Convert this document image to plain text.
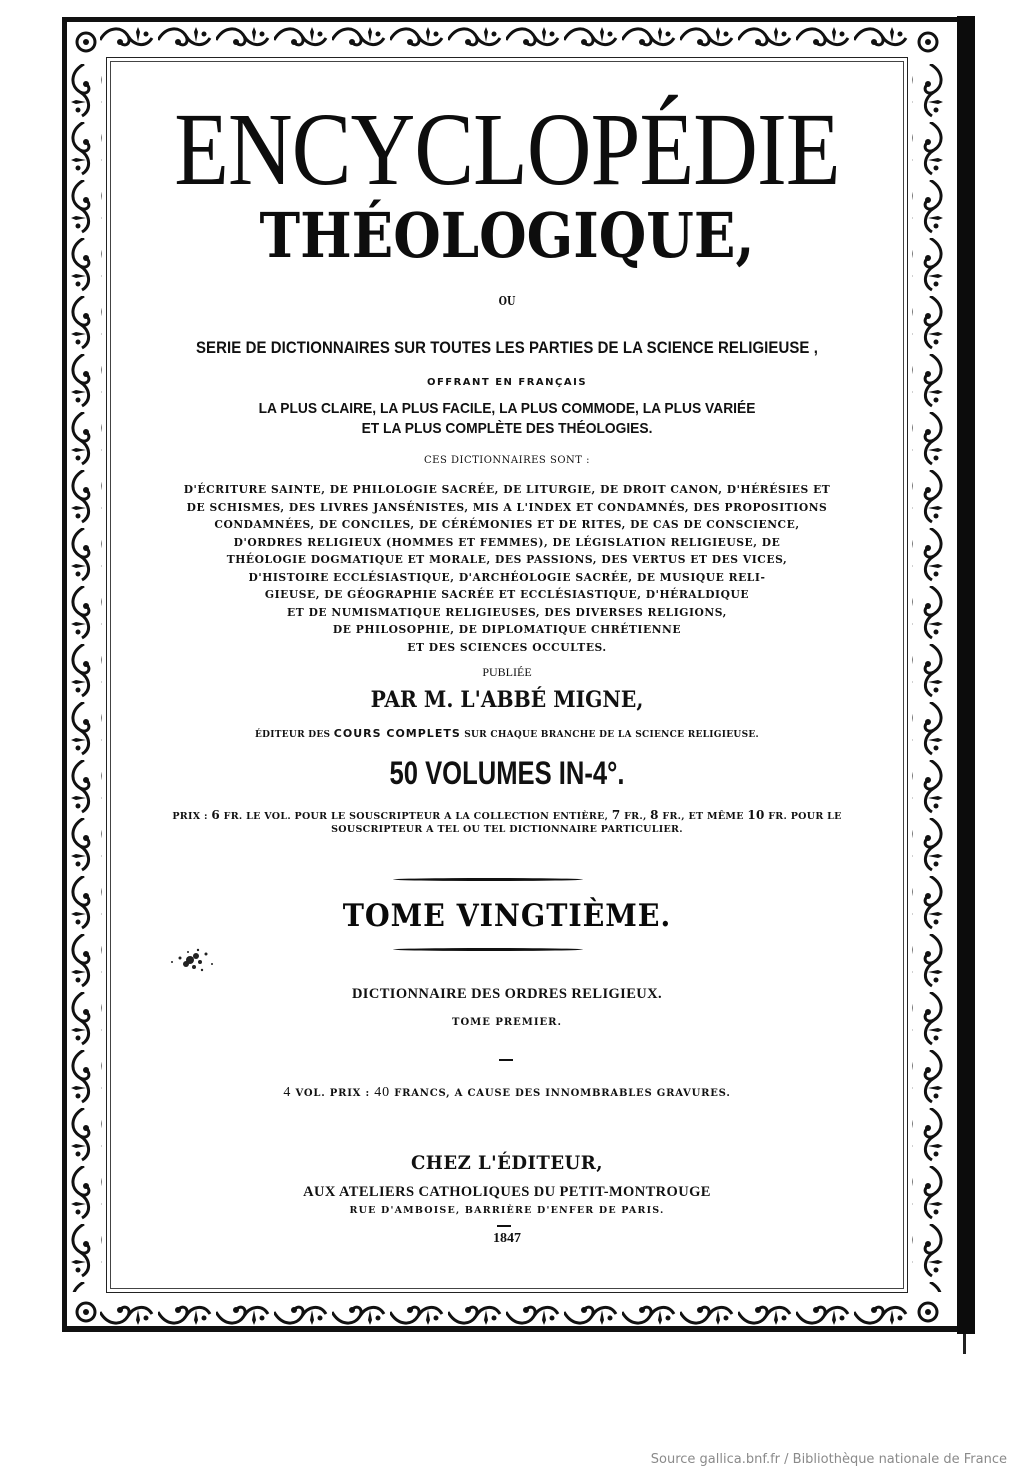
ENCYCLOPÉDIE
THÉOLOGIQUE,
OU
SERIE DE DICTIONNAIRES SUR TOUTES LES PARTIES DE LA SCIENCE RELIGIEUSE ,
OFFRANT EN FRANÇAIS
LA PLUS CLAIRE, LA PLUS FACILE, LA PLUS COMMODE, LA PLUS VARIÉE
ET LA PLUS COMPLÈTE DES THÉOLOGIES.
CES DICTIONNAIRES SONT :
D'ÉCRITURE SAINTE, DE PHILOLOGIE SACRÉE, DE LITURGIE, DE DROIT CANON, D'HÉRÉSIES ET
DE SCHISMES, DES LIVRES JANSÉNISTES, MIS A L'INDEX ET CONDAMNÉS, DES PROPOSITIONS
CONDAMNÉES, DE CONCILES, DE CÉRÉMONIES ET DE RITES, DE CAS DE CONSCIENCE,
D'ORDRES RELIGIEUX (HOMMES ET FEMMES), DE LÉGISLATION RELIGIEUSE, DE
THÉOLOGIE DOGMATIQUE ET MORALE, DES PASSIONS, DES VERTUS ET DES VICES,
D'HISTOIRE ECCLÉSIASTIQUE, D'ARCHÉOLOGIE SACRÉE, DE MUSIQUE RELI-
GIEUSE, DE GÉOGRAPHIE SACRÉE ET ECCLÉSIASTIQUE, D'HÉRALDIQUE
ET DE NUMISMATIQUE RELIGIEUSES, DES DIVERSES RELIGIONS,
DE PHILOSOPHIE, DE DIPLOMATIQUE CHRÉTIENNE
ET DES SCIENCES OCCULTES.
PUBLIÉE
PAR M. L'ABBÉ MIGNE,
ÉDITEUR DES COURS COMPLETS SUR CHAQUE BRANCHE DE LA SCIENCE RELIGIEUSE.
50 VOLUMES IN-4°.
PRIX : 6 FR. LE VOL. POUR LE SOUSCRIPTEUR A LA COLLECTION ENTIÈRE, 7 FR., 8 FR., ET MÊME 10 FR. POUR LE
SOUSCRIPTEUR A TEL OU TEL DICTIONNAIRE PARTICULIER.
TOME VINGTIÈME.
DICTIONNAIRE DES ORDRES RELIGIEUX.
TOME PREMIER.
4 VOL. PRIX : 40 FRANCS, A CAUSE DES INNOMBRABLES GRAVURES.
CHEZ L'ÉDITEUR,
AUX ATELIERS CATHOLIQUES DU PETIT-MONTROUGE
RUE D'AMBOISE, BARRIÈRE D'ENFER DE PARIS.
1847
Source gallica.bnf.fr / Bibliothèque nationale de France
